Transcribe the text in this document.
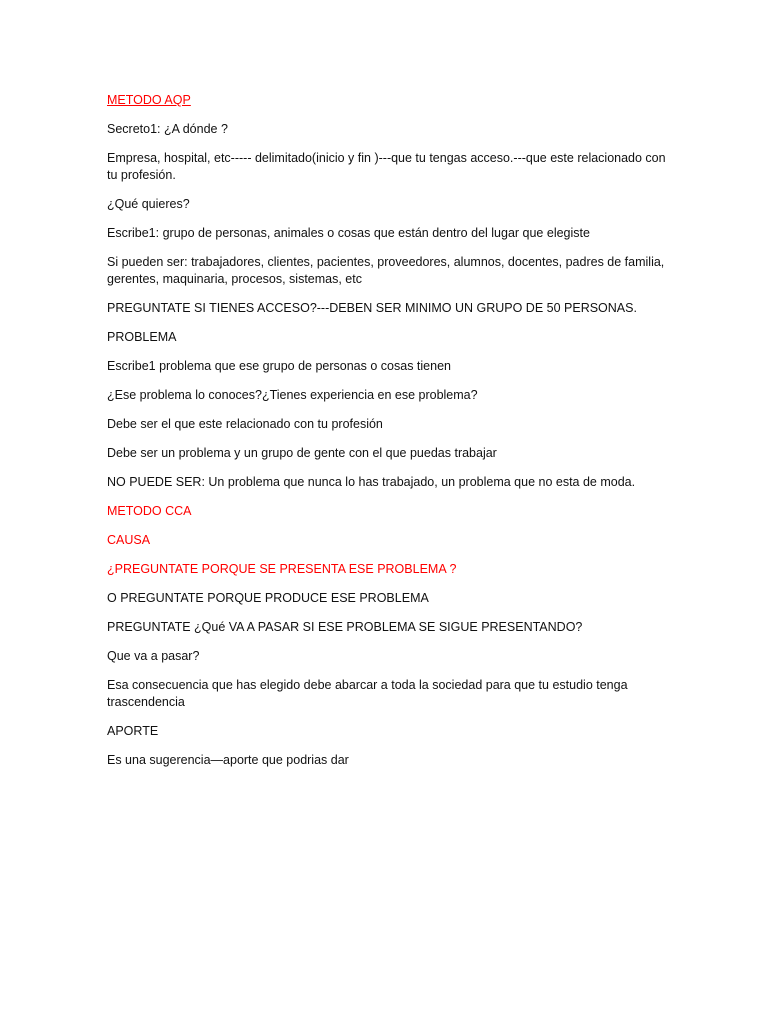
METODO AQP

Secreto1: ¿A dónde ?

Empresa, hospital, etc----- delimitado(inicio y fin )---que tu tengas acceso.---que este relacionado con tu profesión.

¿Qué quieres?

Escribe1: grupo de personas, animales o cosas que están dentro del lugar que elegiste

Si pueden ser: trabajadores, clientes, pacientes, proveedores, alumnos, docentes, padres de familia, gerentes, maquinaria, procesos, sistemas, etc

PREGUNTATE SI TIENES ACCESO?---DEBEN SER MINIMO UN GRUPO DE 50 PERSONAS.

PROBLEMA

Escribe1 problema que ese grupo de personas o cosas tienen

¿Ese problema lo conoces?¿Tienes experiencia en ese problema?

Debe ser el que este relacionado con tu profesión

Debe ser un problema y un grupo de gente con el que puedas trabajar

NO PUEDE SER: Un problema que nunca lo has trabajado, un problema que no esta de moda.

METODO CCA

CAUSA

¿PREGUNTATE PORQUE SE PRESENTA ESE PROBLEMA ?

O PREGUNTATE PORQUE PRODUCE ESE PROBLEMA

PREGUNTATE ¿Qué VA A PASAR SI ESE PROBLEMA SE SIGUE PRESENTANDO?

Que va a pasar?

Esa consecuencia que has elegido debe abarcar a toda la sociedad para que tu estudio tenga trascendencia

APORTE

Es una sugerencia—aporte que podrias dar
